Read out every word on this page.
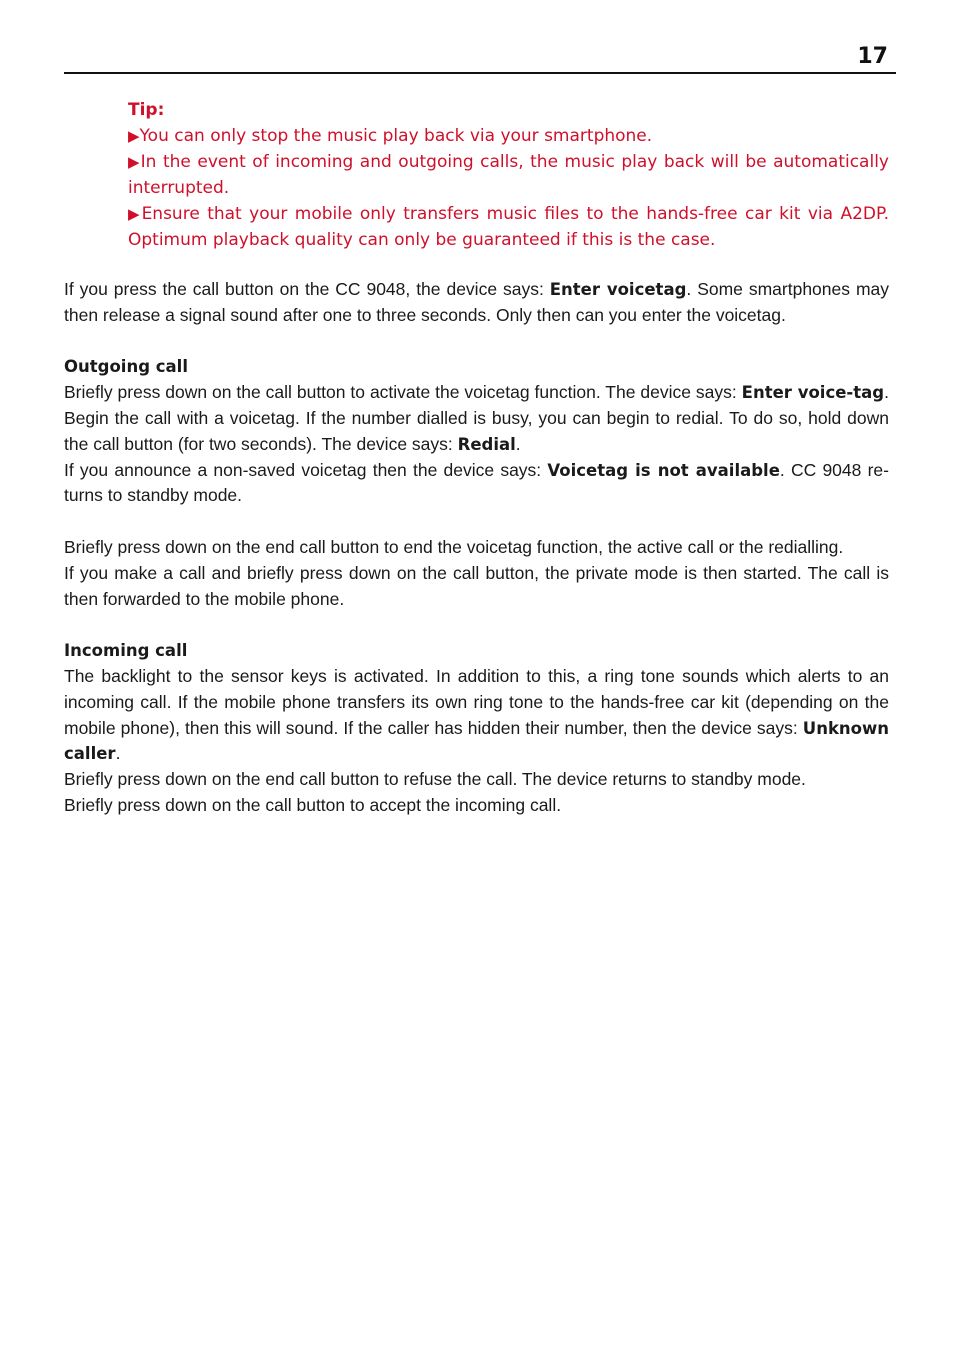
17

Tip:

▶You can only stop the music play back via your smartphone.

▶In the event of incoming and outgoing calls, the music play back will be automatically interrupted.

▶Ensure that your mobile only transfers music files to the hands-free car kit via A2DP. Optimum playback quality can only be guaranteed if this is the case.

If you press the call button on the CC 9048, the device says: Enter voicetag. Some smartphones may then release a signal sound after one to three seconds. Only then can you enter the voicetag.

Outgoing call

Briefly press down on the call button to activate the voicetag function. The device says: Enter voice-tag. Begin the call with a voicetag. If the number dialled is busy, you can begin to redial. To do so, hold down the call button (for two seconds). The device says: Redial.

If you announce a non-saved voicetag then the device says: Voicetag is not available. CC 9048 re-turns to standby mode.

Briefly press down on the end call button to end the voicetag function, the active call or the redialling.

If you make a call and briefly press down on the call button, the private mode is then started. The call is then forwarded to the mobile phone.

Incoming call

The backlight to the sensor keys is activated. In addition to this, a ring tone sounds which alerts to an incoming call. If the mobile phone transfers its own ring tone to the hands-free car kit (depending on the mobile phone), then this will sound. If the caller has hidden their number, then the device says: Unknown caller.

Briefly press down on the end call button to refuse the call. The device returns to standby mode.

Briefly press down on the call button to accept the incoming call.
